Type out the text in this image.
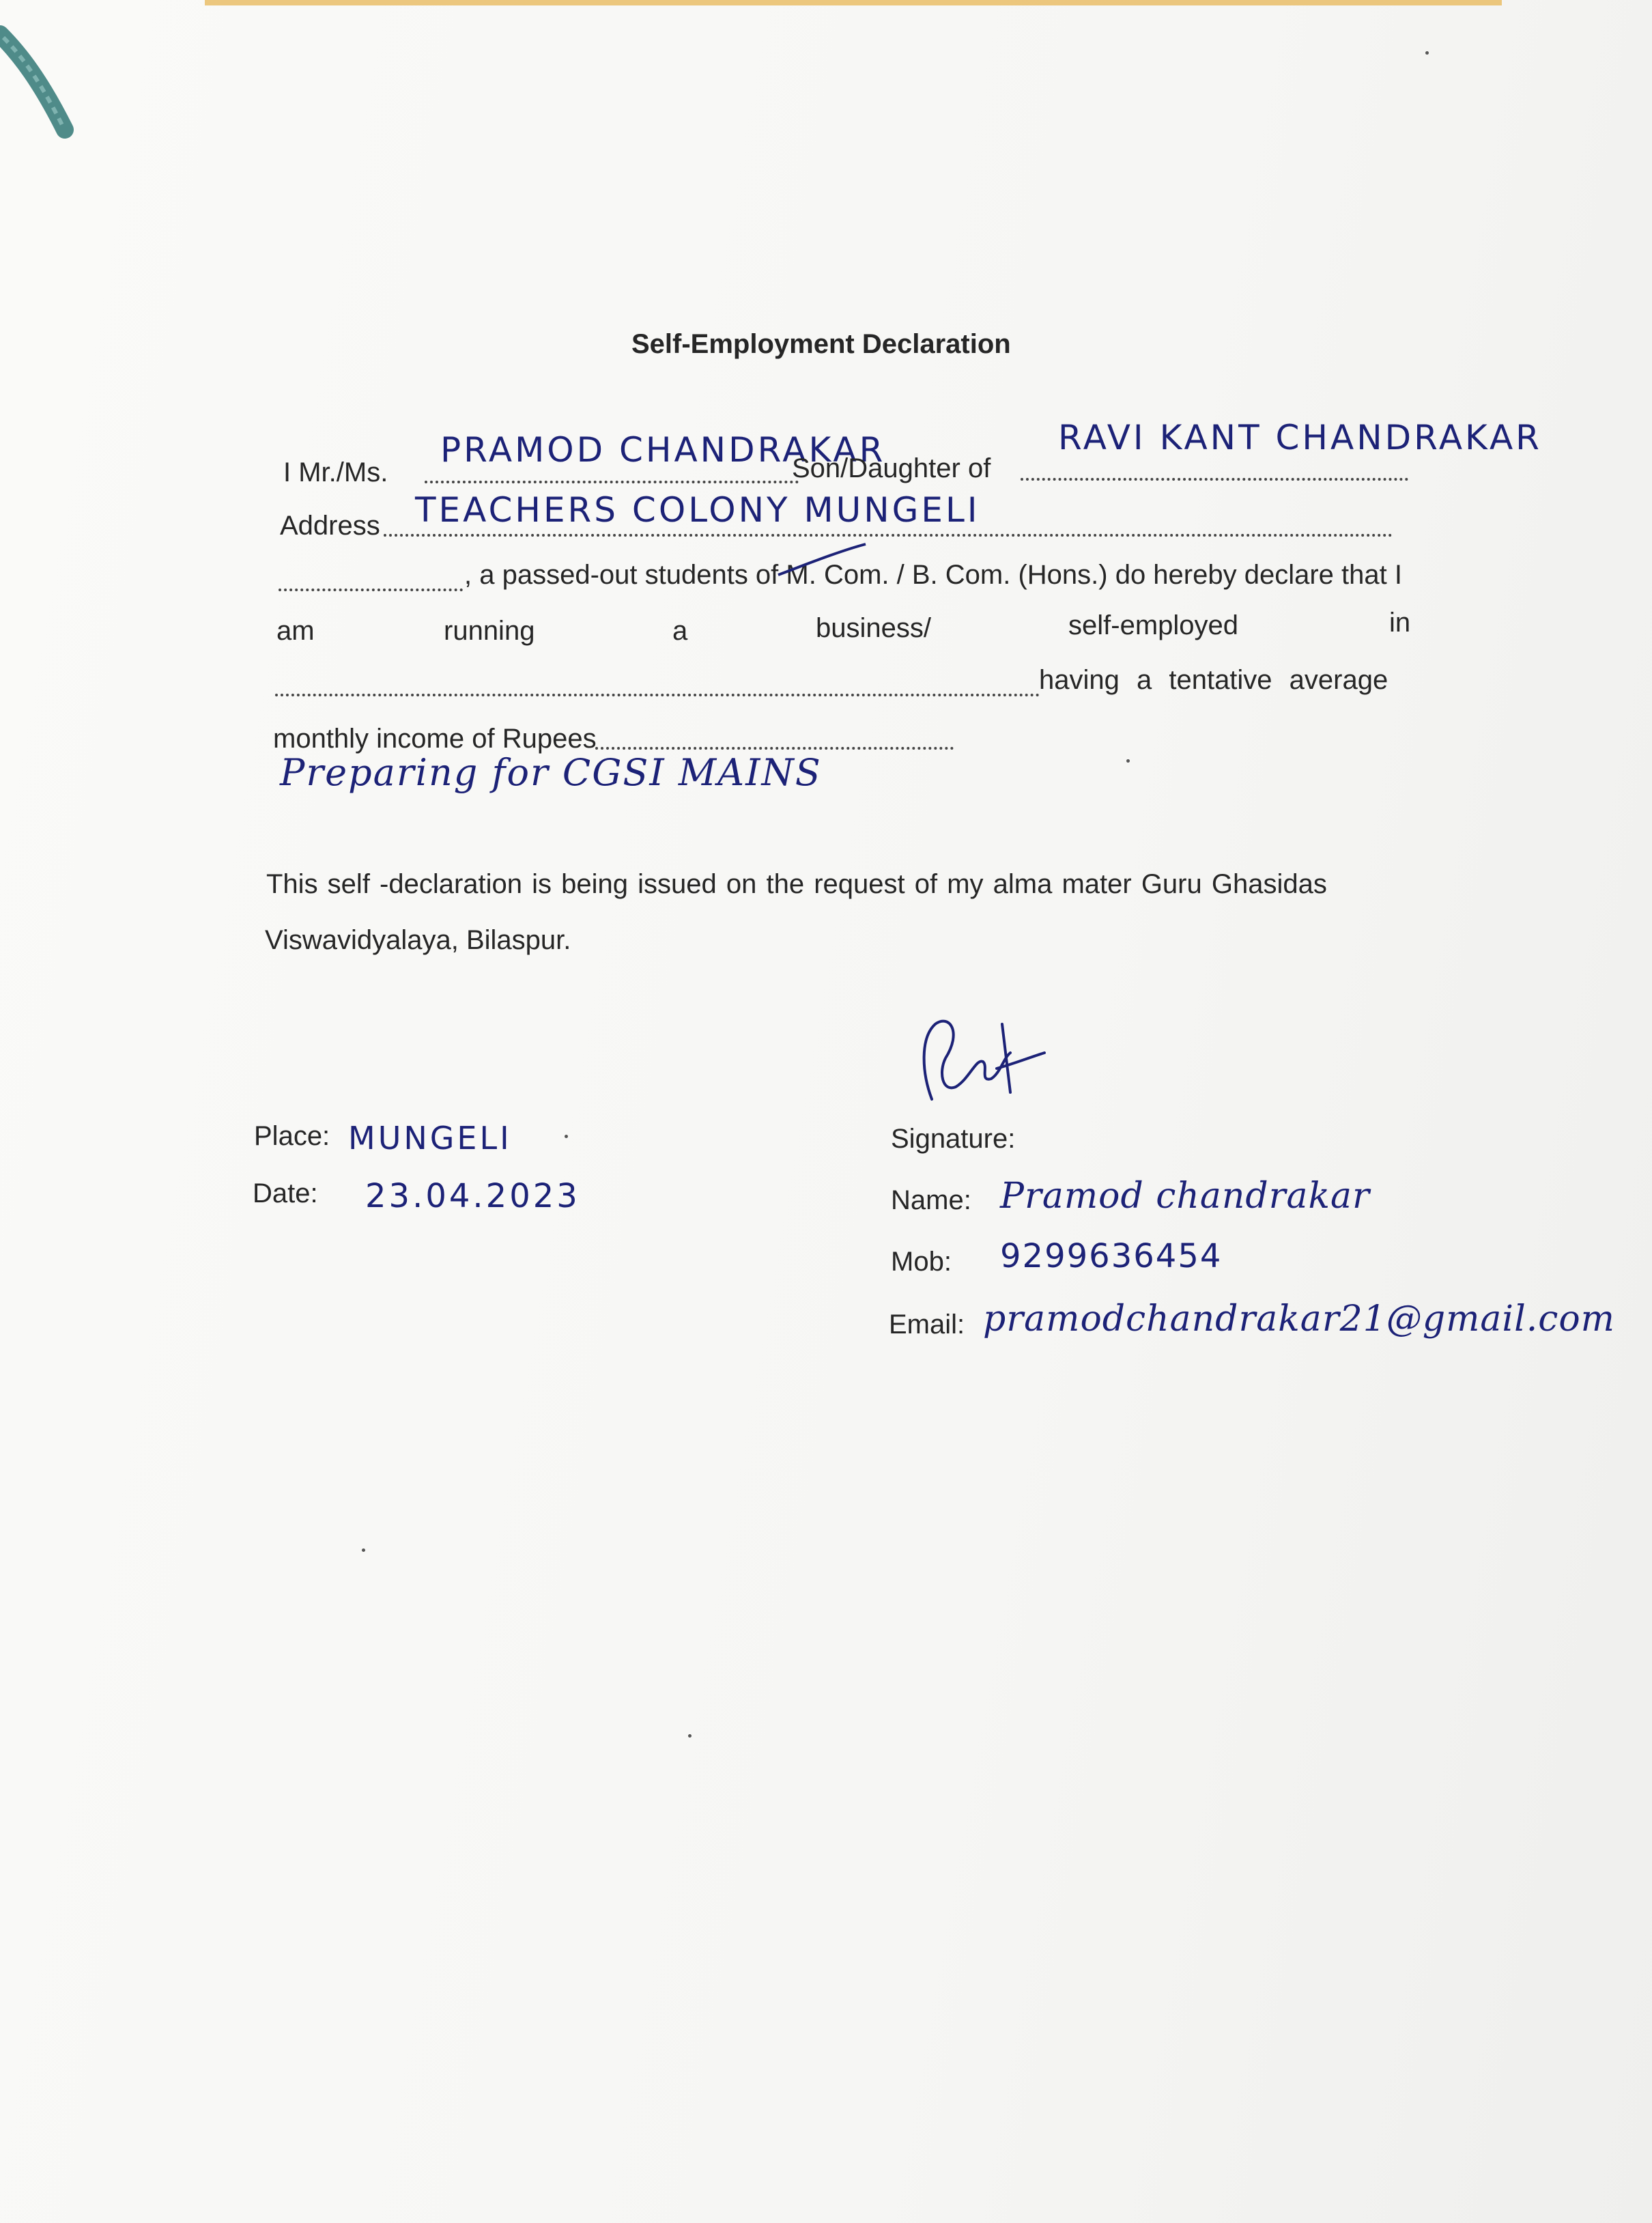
Self-Employment Declaration
I Mr./Ms.
PRAMOD CHANDRAKAR
Son/Daughter of
RAVI KANT CHANDRAKAR
Address TEACHERS COLONY MUNGELI
, a passed-out students of M. Com. / B. Com. (Hons.) do hereby declare that I
am	running	a	business/	self-employed	in
having a tentative average
monthly income of Rupees
Preparing for CGSI MAINS
This self -declaration is being issued on the request of my alma mater Guru Ghasidas
Viswavidyalaya, Bilaspur.
Place: MUNGELI
Date: 23.04.2023
Signature:
Name: Pramod chandrakar
Mob: 9299636454
Email: pramodchandrakar21@gmail.com
